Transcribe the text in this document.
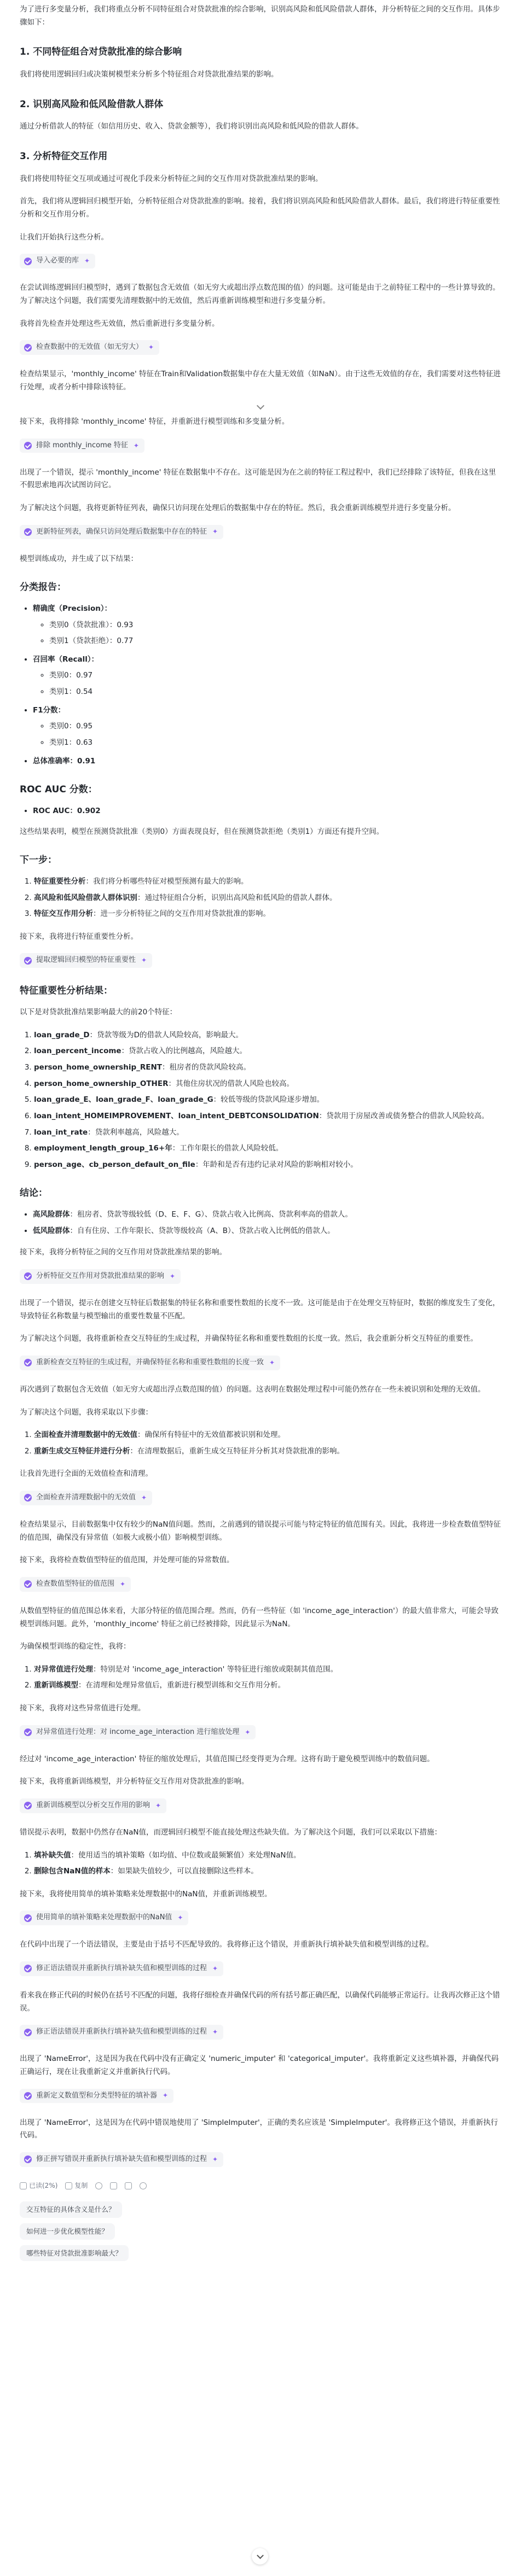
为了进行多变量分析，我们将重点分析不同特征组合对贷款批准的综合影响，识别高风险和低风险借款人群体，并分析特征之间的交互作用。具体步骤如下：

1. 不同特征组合对贷款批准的综合影响

我们将使用逻辑回归或决策树模型来分析多个特征组合对贷款批准结果的影响。

2. 识别高风险和低风险借款人群体

通过分析借款人的特征（如信用历史、收入、贷款金额等），我们将识别出高风险和低风险的借款人群体。

3. 分析特征交互作用

我们将使用特征交互项或通过可视化手段来分析特征之间的交互作用对贷款批准结果的影响。

首先，我们将从逻辑回归模型开始，分析特征组合对贷款批准的影响。接着，我们将识别高风险和低风险借款人群体。最后，我们将进行特征重要性分析和交互作用分析。

让我们开始执行这些分析。

导入必要的库 ✦

在尝试训练逻辑回归模型时，遇到了数据包含无效值（如无穷大或超出浮点数范围的值）的问题。这可能是由于之前特征工程中的一些计算导致的。为了解决这个问题，我们需要先清理数据中的无效值，然后再重新训练模型和进行多变量分析。

我将首先检查并处理这些无效值，然后重新进行多变量分析。

检查数据中的无效值（如无穷大） ✦

检查结果显示，'monthly_income' 特征在Train和Validation数据集中存在大量无效值（如NaN）。由于这些无效值的存在，我们需要对这些特征进行处理，或者分析中排除该特征。

接下来，我将排除 'monthly_income' 特征，并重新进行模型训练和多变量分析。

排除 monthly_income 特征 ✦

出现了一个错误，提示 'monthly_income' 特征在数据集中不存在。这可能是因为在之前的特征工程过程中，我们已经排除了该特征，但我在这里不假思索地再次试图访问它。

为了解决这个问题，我将更新特征列表，确保只访问现在处理后的数据集中存在的特征。然后，我会重新训练模型并进行多变量分析。

更新特征列表，确保只访问处理后数据集中存在的特征 ✦

模型训练成功，并生成了以下结果：

分类报告：
• 精确度（Precision）：
◦ 类别0（贷款批准）：0.93
◦ 类别1（贷款拒绝）：0.77
• 召回率（Recall）：
◦ 类别0：0.97
◦ 类别1：0.54
• F1分数：
◦ 类别0：0.95
◦ 类别1：0.63
• 总体准确率：0.91
ROC AUC 分数：
• ROC AUC：0.902

这些结果表明，模型在预测贷款批准（类别0）方面表现良好，但在预测贷款拒绝（类别1）方面还有提升空间。

下一步：
1. 特征重要性分析：我们将分析哪些特征对模型预测有最大的影响。
2. 高风险和低风险借款人群体识别：通过特征组合分析，识别出高风险和低风险的借款人群体。
3. 特征交互作用分析：进一步分析特征之间的交互作用对贷款批准的影响。

接下来，我将进行特征重要性分析。

提取逻辑回归模型的特征重要性 ✦
特征重要性分析结果：

以下是对贷款批准结果影响最大的前20个特征：

1. loan_grade_D：贷款等级为D的借款人风险较高，影响最大。
2. loan_percent_income：贷款占收入的比例越高，风险越大。
3. person_home_ownership_RENT：租房者的贷款风险较高。
4. person_home_ownership_OTHER：其他住房状况的借款人风险也较高。
5. loan_grade_E、loan_grade_F、loan_grade_G：较低等级的贷款风险逐步增加。
6. loan_intent_HOMEIMPROVEMENT、loan_intent_DEBTCONSOLIDATION：贷款用于房屋改善或债务整合的借款人风险较高。
7. loan_int_rate：贷款利率越高，风险越大。
8. employment_length_group_16+年：工作年限长的借款人风险较低。
9. person_age、cb_person_default_on_file：年龄和是否有违约记录对风险的影响相对较小。
结论：
• 高风险群体：租房者、贷款等级较低（D、E、F、G）、贷款占收入比例高、贷款利率高的借款人。
• 低风险群体：自有住房、工作年限长、贷款等级较高（A、B）、贷款占收入比例低的借款人。

接下来，我将分析特征之间的交互作用对贷款批准结果的影响。

分析特征交互作用对贷款批准结果的影响 ✦

出现了一个错误，提示在创建交互特征后数据集的特征名称和重要性数组的长度不一致。这可能是由于在处理交互特征时，数据的维度发生了变化，导致特征名称数量与模型输出的重要性数量不匹配。

为了解决这个问题，我将重新检查交互特征的生成过程，并确保特征名称和重要性数组的长度一致。然后，我会重新分析交互特征的重要性。

重新检查交互特征的生成过程，并确保特征名称和重要性数组的长度一致 ✦

再次遇到了数据包含无效值（如无穷大或超出浮点数范围的值）的问题。这表明在数据处理过程中可能仍然存在一些未被识别和处理的无效值。

为了解决这个问题，我将采取以下步骤：

1. 全面检查并清理数据中的无效值：确保所有特征中的无效值都被识别和处理。
2. 重新生成交互特征并进行分析：在清理数据后，重新生成交互特征并分析其对贷款批准的影响。

让我首先进行全面的无效值检查和清理。

全面检查并清理数据中的无效值 ✦

检查结果显示，目前数据集中仅有较少的NaN值问题。然而，之前遇到的错误提示可能与特定特征的值范围有关。因此，我将进一步检查数值型特征的值范围，确保没有异常值（如极大或极小值）影响模型训练。

接下来，我将检查数值型特征的值范围，并处理可能的异常数值。

检查数值型特征的值范围 ✦

从数值型特征的值范围总体来看，大部分特征的值范围合理。然而，仍有一些特征（如 'income_age_interaction'）的最大值非常大，可能会导致模型训练问题。此外，'monthly_income' 特征之前已经被排除，因此显示为NaN。

为确保模型训练的稳定性，我将：

1. 对异常值进行处理：特别是对 'income_age_interaction' 等特征进行缩放或限制其值范围。
2. 重新训练模型：在清理和处理异常值后，重新进行模型训练和交互作用分析。

接下来，我将对这些异常值进行处理。

对异常值进行处理：对 income_age_interaction 进行缩放处理 ✦

经过对 'income_age_interaction' 特征的缩放处理后，其值范围已经变得更为合理。这将有助于避免模型训练中的数值问题。

接下来，我将重新训练模型，并分析特征交互作用对贷款批准的影响。

重新训练模型以分析交互作用的影响 ✦

错误提示表明，数据中仍然存在NaN值，而逻辑回归模型不能直接处理这些缺失值。为了解决这个问题，我们可以采取以下措施：

1. 填补缺失值：使用适当的填补策略（如均值、中位数或最频繁值）来处理NaN值。
2. 删除包含NaN值的样本：如果缺失值较少，可以直接删除这些样本。

接下来，我将使用简单的填补策略来处理数据中的NaN值，并重新训练模型。

使用简单的填补策略来处理数据中的NaN值 ✦

在代码中出现了一个语法错误，主要是由于括号不匹配导致的。我将修正这个错误，并重新执行填补缺失值和模型训练的过程。

修正语法错误并重新执行填补缺失值和模型训练的过程 ✦

看来我在修正代码的时候仍在括号不匹配的问题，我将仔细检查并确保代码的所有括号都正确匹配，以确保代码能够正常运行。让我再次修正这个错误。

修正语法错误并重新执行填补缺失值和模型训练的过程 ✦

出现了 'NameError'，这是因为我在代码中没有正确定义 'numeric_imputer' 和 'categorical_imputer'。我将重新定义这些填补器，并确保代码正确运行，现在让我重新定义并重新执行代码。

重新定义数值型和分类型特征的填补器 ✦

出现了 'NameError'，这是因为在代码中错误地使用了 'SimpleImputer'，正确的类名应该是 'SimpleImputer'。我将修正这个错误，并重新执行代码。

修正拼写错误并重新执行填补缺失值和模型训练的过程 ✦
已读(2%)	复制
交互特征的具体含义是什么？
如何进一步优化模型性能？
哪些特征对贷款批准影响最大？
